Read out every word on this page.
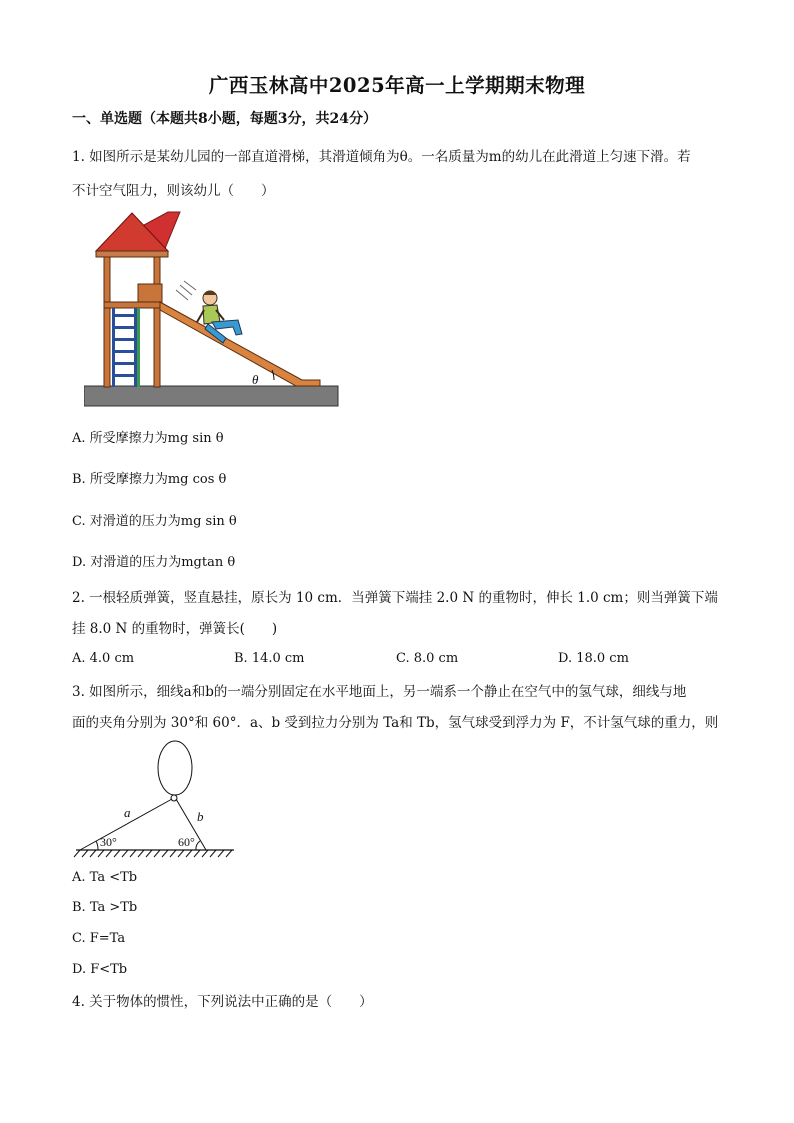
广西玉林高中2025年高一上学期期末物理
一、单选题（本题共8小题，每题3分，共24分）
1. 如图所示是某幼儿园的一部直道滑梯，其滑道倾角为θ。一名质量为m的幼儿在此滑道上匀速下滑。若
不计空气阻力，则该幼儿（　　）
θ
A. 所受摩擦力为mg sin θ
B. 所受摩擦力为mg cos θ
C. 对滑道的压力为mg sin θ
D. 对滑道的压力为mgtan θ
2. 一根轻质弹簧，竖直悬挂，原长为 10 cm．当弹簧下端挂 2.0 N 的重物时，伸长 1.0 cm；则当弹簧下端
挂 8.0 N 的重物时，弹簧长(　　)
A. 4.0 cm	B. 14.0 cm	C. 8.0 cm	D. 18.0 cm
3. 如图所示，细线a和b的一端分别固定在水平地面上，另一端系一个静止在空气中的氢气球，细线与地
面的夹角分别为 30°和 60°．a、b 受到拉力分别为 Ta和 Tb，氢气球受到浮力为 F，不计氢气球的重力，则
a	b
30°	60°
A. Ta <Tb
B. Ta >Tb
C. F=Ta
D. F<Tb
4. 关于物体的惯性，下列说法中正确的是（　　）
